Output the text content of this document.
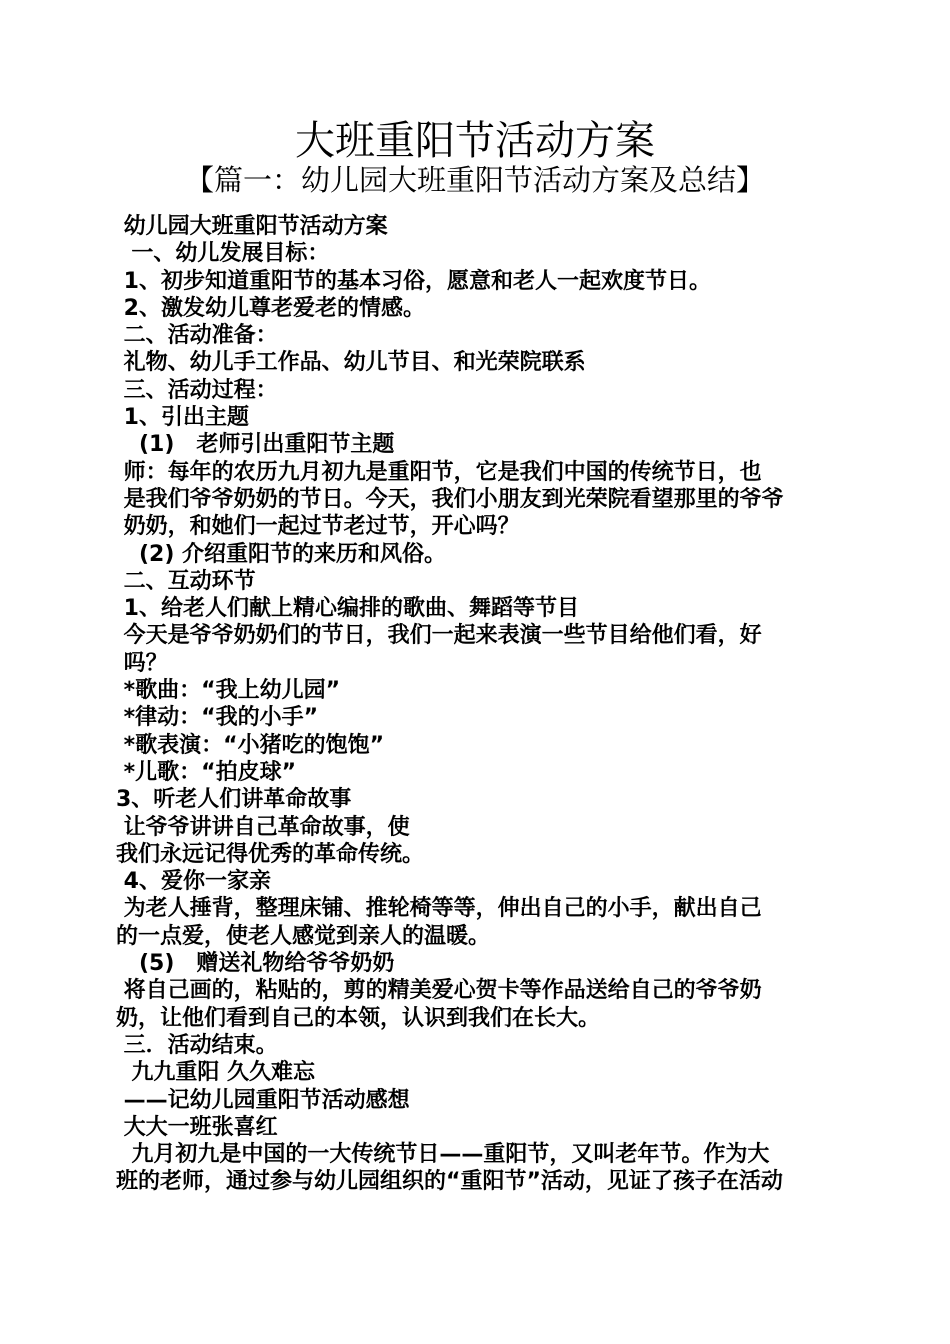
大班重阳节活动方案
【篇一：幼儿园大班重阳节活动方案及总结】

幼儿园大班重阳节活动方案

一、幼儿发展目标：

1、初步知道重阳节的基本习俗，愿意和老人一起欢度节日。

2、激发幼儿尊老爱老的情感。

二、活动准备：

礼物、幼儿手工作品、幼儿节目、和光荣院联系

三、活动过程：

1、引出主题

(1)　老师引出重阳节主题

师：每年的农历九月初九是重阳节，它是我们中国的传统节日，也

是我们爷爷奶奶的节日。今天，我们小朋友到光荣院看望那里的爷爷

奶奶，和她们一起过节老过节，开心吗？

(2) 介绍重阳节的来历和风俗。

二、互动环节

1、给老人们献上精心编排的歌曲、舞蹈等节目

今天是爷爷奶奶们的节日，我们一起来表演一些节目给他们看，好

吗？

*歌曲：“我上幼儿园”

*律动：“我的小手”

*歌表演：“小猪吃的饱饱”

*儿歌：“拍皮球”

3、听老人们讲革命故事

让爷爷讲讲自己革命故事，使

我们永远记得优秀的革命传统。

4、爱你一家亲

为老人捶背，整理床铺、推轮椅等等，伸出自己的小手，献出自己

的一点爱，使老人感觉到亲人的温暖。

(5)　赠送礼物给爷爷奶奶

将自己画的，粘贴的，剪的精美爱心贺卡等作品送给自己的爷爷奶

奶，让他们看到自己的本领，认识到我们在长大。

三．活动结束。

九九重阳 久久难忘

——记幼儿园重阳节活动感想

大大一班张喜红

九月初九是中国的一大传统节日——重阳节，又叫老年节。作为大

班的老师，通过参与幼儿园组织的“重阳节”活动，见证了孩子在活动
